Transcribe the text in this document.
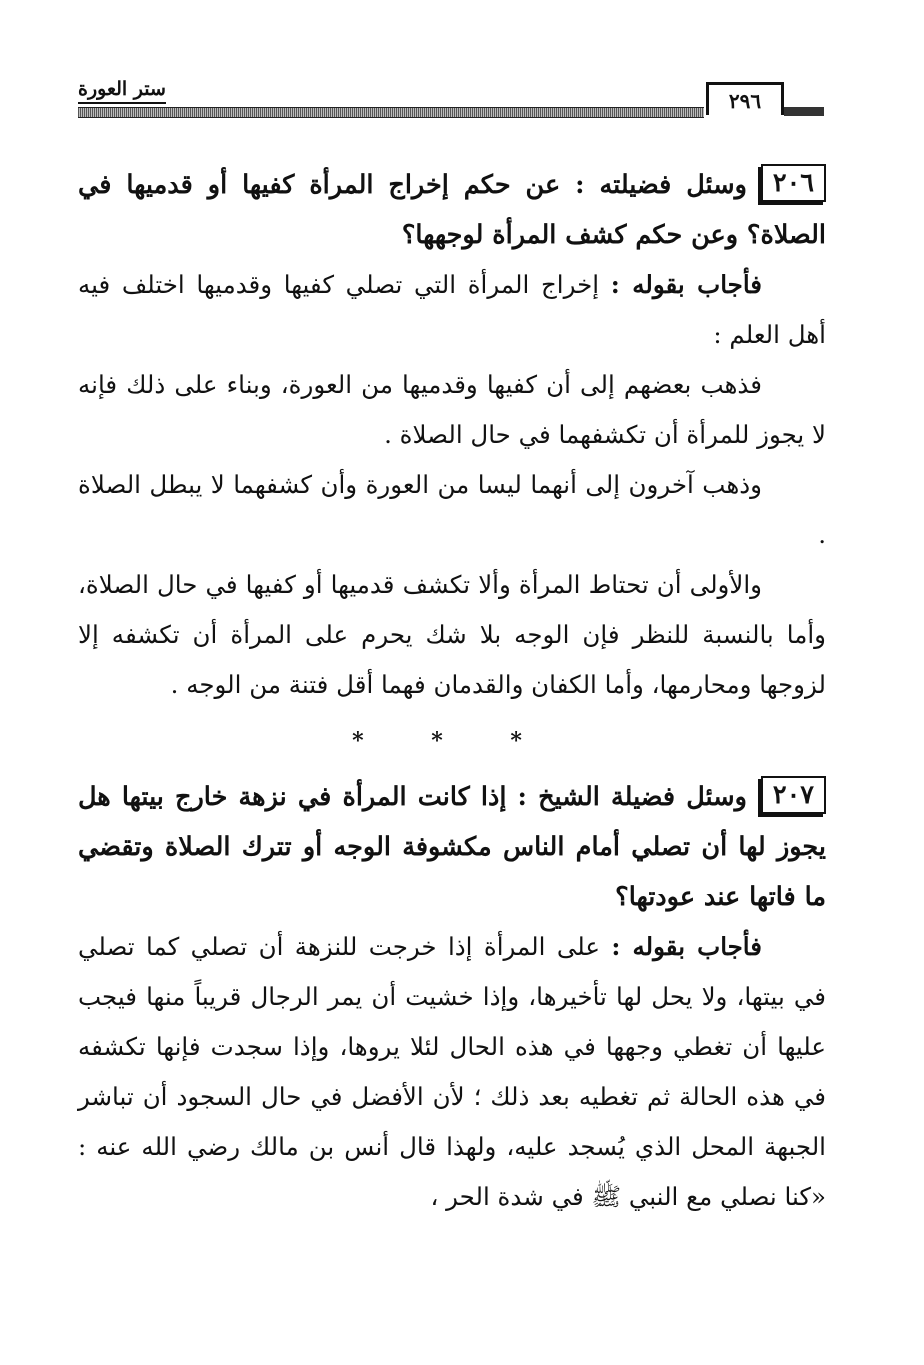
ستر العورة	٢٩٦

٢٠٦وسئل فضيلته : عن حكم إخراج المرأة كفيها أو قدميها في الصلاة؟ وعن حكم كشف المرأة لوجهها؟

فأجاب بقوله : إخراج المرأة التي تصلي كفيها وقدميها اختلف فيه أهل العلم :

فذهب بعضهم إلى أن كفيها وقدميها من العورة، وبناء على ذلك فإنه لا يجوز للمرأة أن تكشفهما في حال الصلاة .

وذهب آخرون إلى أنهما ليسا من العورة وأن كشفهما لا يبطل الصلاة .

والأولى أن تحتاط المرأة وألا تكشف قدميها أو كفيها في حال الصلاة، وأما بالنسبة للنظر فإن الوجه بلا شك يحرم على المرأة أن تكشفه إلا لزوجها ومحارمها، وأما الكفان والقدمان فهما أقل فتنة من الوجه .

* * *

٢٠٧وسئل فضيلة الشيخ : إذا كانت المرأة في نزهة خارج بيتها هل يجوز لها أن تصلي أمام الناس مكشوفة الوجه أو تترك الصلاة وتقضي ما فاتها عند عودتها؟

فأجاب بقوله : على المرأة إذا خرجت للنزهة أن تصلي كما تصلي في بيتها، ولا يحل لها تأخيرها، وإذا خشيت أن يمر الرجال قريباً منها فيجب عليها أن تغطي وجهها في هذه الحال لئلا يروها، وإذا سجدت فإنها تكشفه في هذه الحالة ثم تغطيه بعد ذلك ؛ لأن الأفضل في حال السجود أن تباشر الجبهة المحل الذي يُسجد عليه، ولهذا قال أنس بن مالك رضي الله عنه : «كنا نصلي مع النبي ﷺ في شدة الحر ،
